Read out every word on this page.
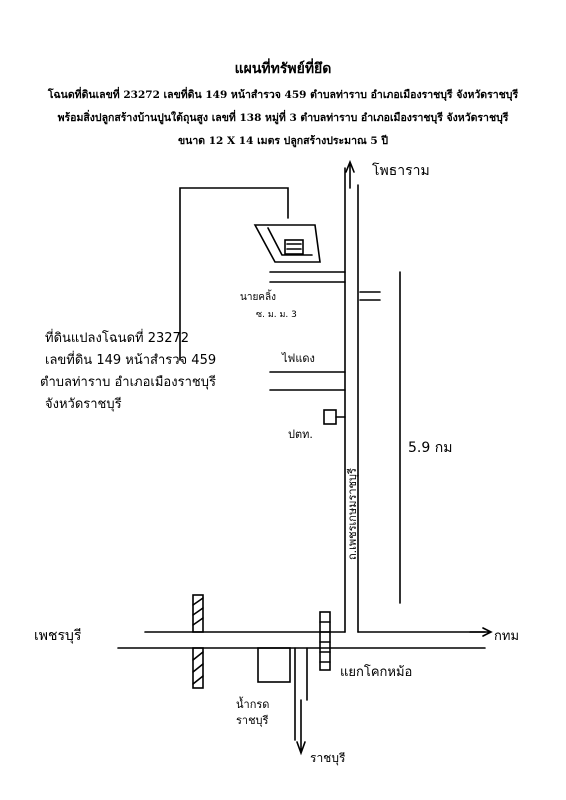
แผนที่ทรัพย์ที่ยึด
โฉนดที่ดินเลขที่ 23272 เลขที่ดิน 149 หน้าสำรวจ 459 ตำบลท่าราบ อำเภอเมืองราชบุรี จังหวัดราชบุรี
พร้อมสิ่งปลูกสร้างบ้านปูนใต้ถุนสูง เลขที่ 138 หมู่ที่ 3 ตำบลท่าราบ อำเภอเมืองราชบุรี จังหวัดราชบุรี
ขนาด 12 X 14 เมตร ปลูกสร้างประมาณ 5 ปี
โพธาราม
นายคลิ้ง
ซ. ม. ม. 3
ไฟแดง
ปตท.
5.9 กม
ถ.เพชรเกษมราชบุรี
ที่ดินแปลงโฉนดที่ 23272
เลขที่ดิน 149 หน้าสำรวจ 459
ตำบลท่าราบ อำเภอเมืองราชบุรี
จังหวัดราชบุรี
เพชรบุรี	กทม
แยกโคกหม้อ
น้ำกรด
ราชบุรี
ราชบุรี
